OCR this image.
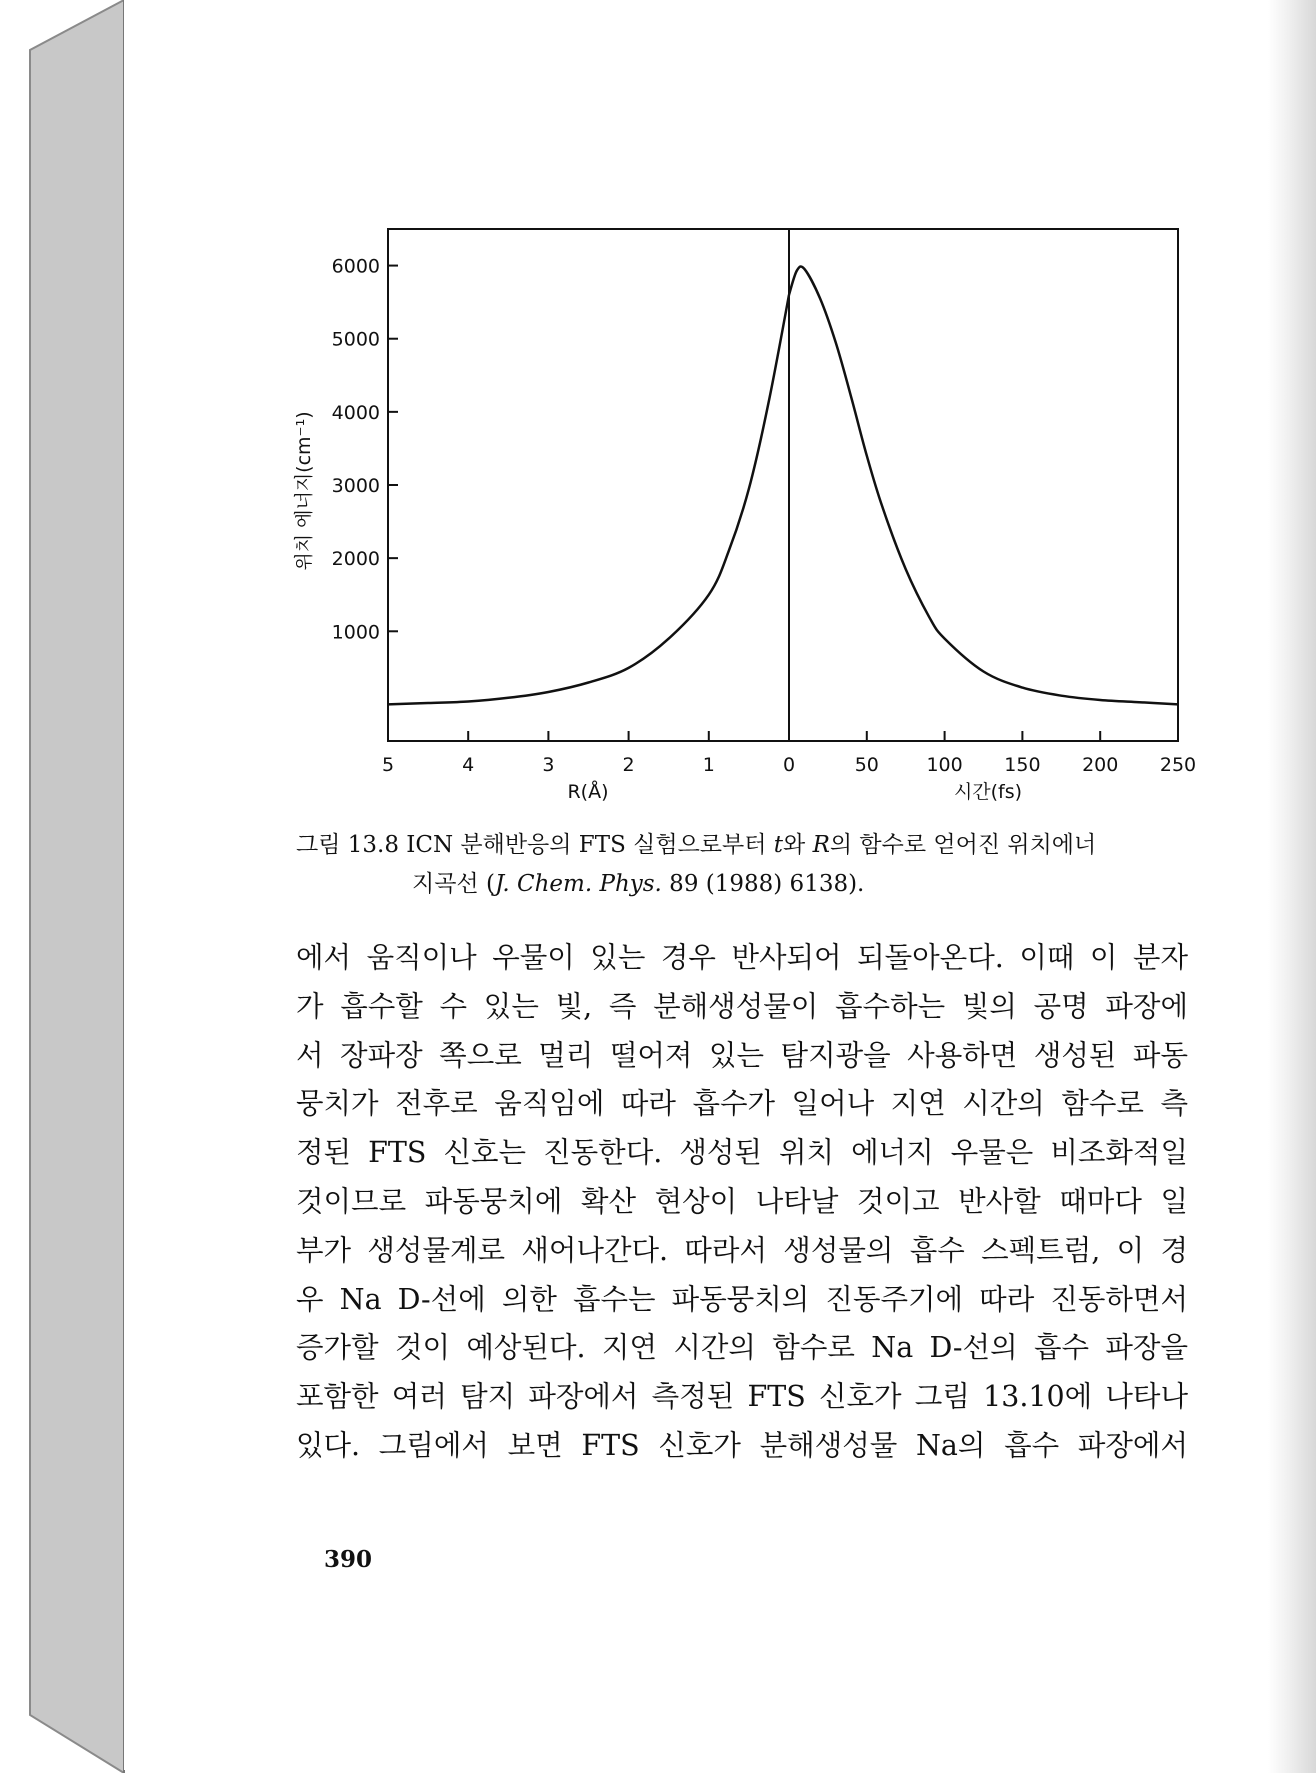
6000
5000
4000
3000
2000
1000
5	4	3	2	1	0	50	100 150 200 250
위치 에너지(cm⁻¹)
R(Å)	시간(fs)
그림 13.8 ICN 분해반응의 FTS 실험으로부터 t와 R의 함수로 얻어진 위치에너
지곡선 (J. Chem. Phys. 89 (1988) 6138).
에서 움직이나 우물이 있는 경우 반사되어 되돌아온다. 이때 이 분자
가 흡수할 수 있는 빛, 즉 분해생성물이 흡수하는 빛의 공명 파장에
서 장파장 쪽으로 멀리 떨어져 있는 탐지광을 사용하면 생성된 파동
뭉치가 전후로 움직임에 따라 흡수가 일어나 지연 시간의 함수로 측
정된 FTS 신호는 진동한다. 생성된 위치 에너지 우물은 비조화적일
것이므로 파동뭉치에 확산 현상이 나타날 것이고 반사할 때마다 일
부가 생성물계로 새어나간다. 따라서 생성물의 흡수 스펙트럼, 이 경
우 Na D-선에 의한 흡수는 파동뭉치의 진동주기에 따라 진동하면서
증가할 것이 예상된다. 지연 시간의 함수로 Na D-선의 흡수 파장을
포함한 여러 탐지 파장에서 측정된 FTS 신호가 그림 13.10에 나타나
있다. 그림에서 보면 FTS 신호가 분해생성물 Na의 흡수 파장에서
390
